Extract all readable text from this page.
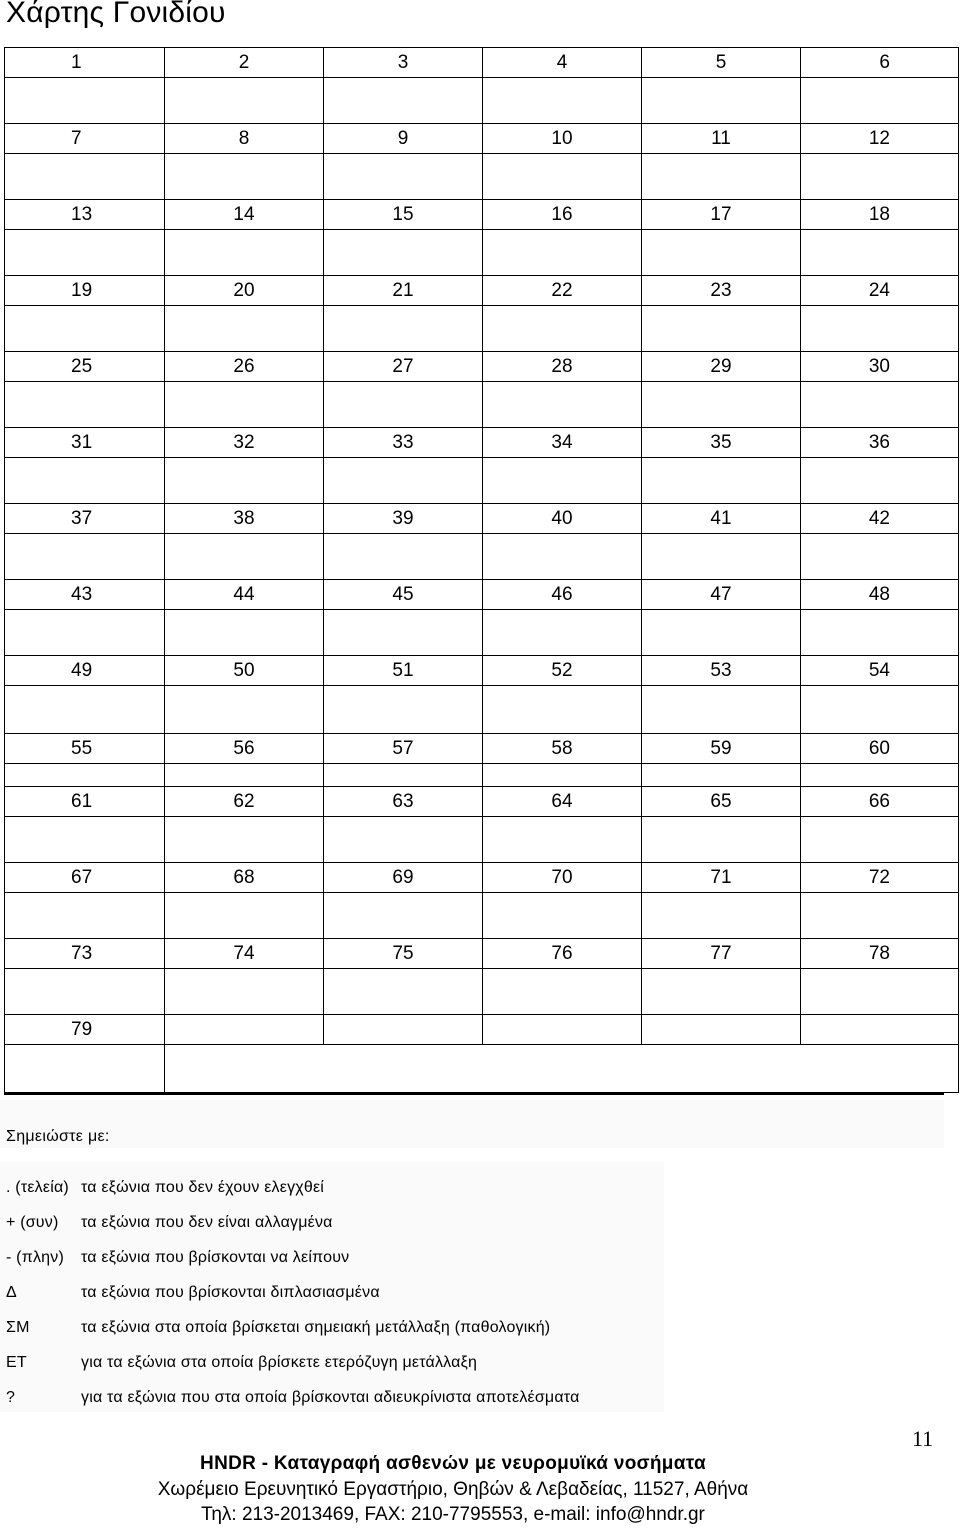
Χάρτης Γονιδίου
1	2	3	4	5	6

7	8	9	10	11	12

13	14	15	16	17	18

19	20	21	22	23	24

25	26	27	28	29	30

31	32	33	34	35	36

37	38	39	40	41	42

43	44	45	46	47	48

49	50	51	52	53	54

55	56	57	58	59	60

61	62	63	64	65	66

67	68	69	70	71	72

73	74	75	76	77	78

79					

Σημειώστε με:
. (τελεία) τα εξώνια που δεν έχουν ελεγχθεί
+ (συν) τα εξώνια που δεν είναι αλλαγμένα
- (πλην) τα εξώνια που βρίσκονται να λείπουν
Δ	τα εξώνια που βρίσκονται διπλασιασμένα
ΣΜ	τα εξώνια στα οποία βρίσκεται σημειακή μετάλλαξη (παθολογική)
ΕΤ	για τα εξώνια στα οποία βρίσκετε ετερόζυγη μετάλλαξη
?	για τα εξώνια που στα οποία βρίσκονται αδιευκρίνιστα αποτελέσματα
11
HNDR - Καταγραφή ασθενών με νευρομυϊκά νοσήματα
Χωρέμειο Ερευνητικό Εργαστήριο, Θηβών & Λεβαδείας, 11527, Αθήνα
Τηλ: 213-2013469, FAX: 210-7795553, e-mail: info@hndr.gr
